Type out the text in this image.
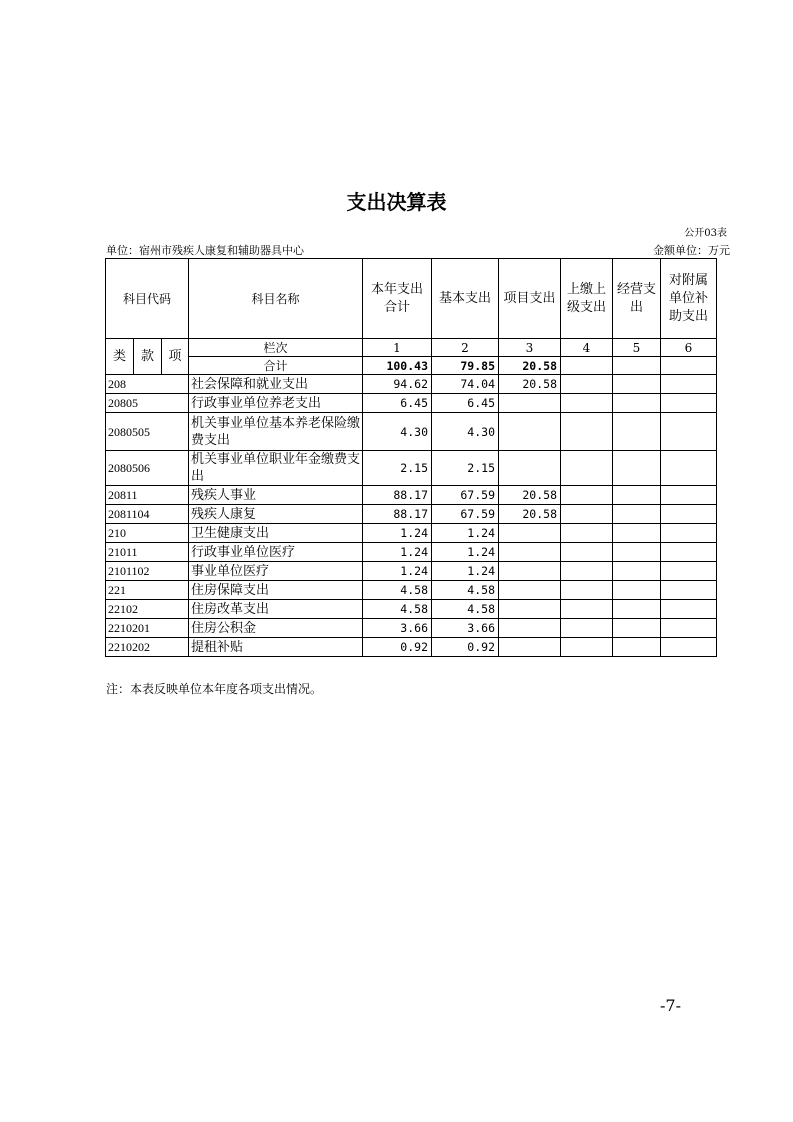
支出决算表
公开03表
单位：宿州市残疾人康复和辅助器具中心	金额单位：万元
科目代码			科目名称	本年支出合计	基本支出	项目支出	上缴上级支出	经营支出	对附属单位补助支出
类	款	项	栏次	1	2	3	4	5	6
			合计	100.43	79.85	20.58			
208			社会保障和就业支出	94.62	74.04	20.58			
20805			行政事业单位养老支出	6.45	6.45				
2080505			机关事业单位基本养老保险缴费支出	4.30	4.30				
2080506			机关事业单位职业年金缴费支出	2.15	2.15				
20811			残疾人事业	88.17	67.59	20.58			
2081104			残疾人康复	88.17	67.59	20.58			
210			卫生健康支出	1.24	1.24				
21011			行政事业单位医疗	1.24	1.24				
2101102			事业单位医疗	1.24	1.24				
221			住房保障支出	4.58	4.58				
22102			住房改革支出	4.58	4.58				
2210201			住房公积金	3.66	3.66				
2210202			提租补贴	0.92	0.92				
注：本表反映单位本年度各项支出情况。
-7-
